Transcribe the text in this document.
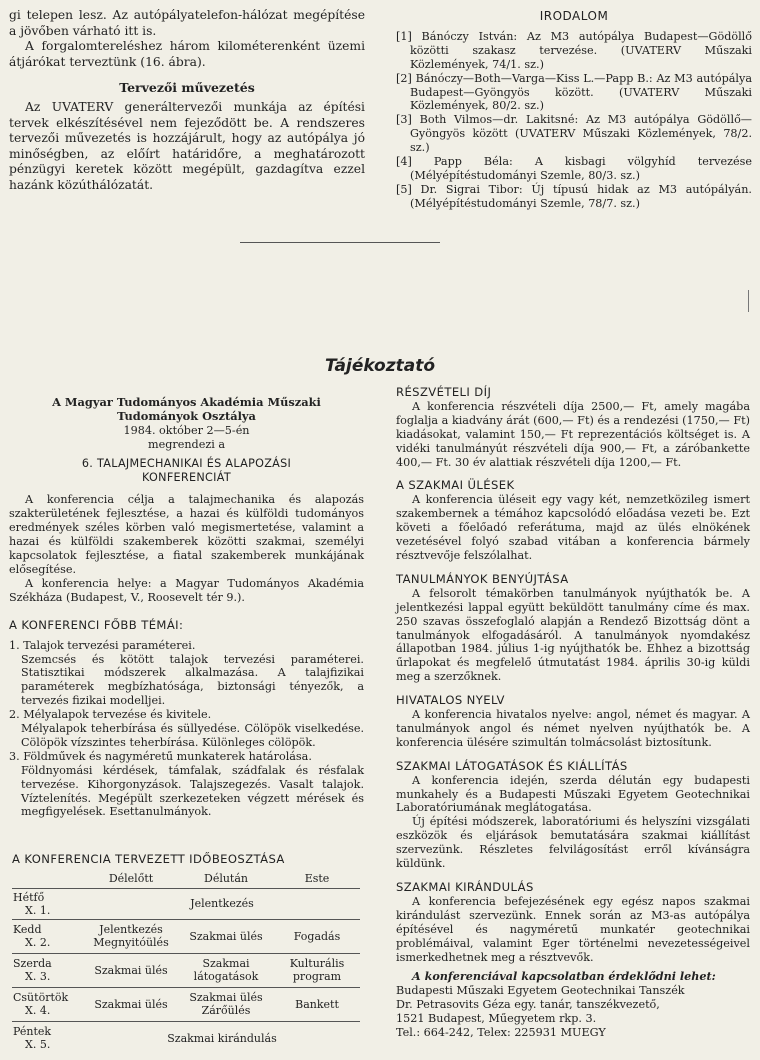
gi telepen lesz. Az autópályatelefon-hálózat megépítése a jövőben várható itt is.

A forgalomtereléshez három kilométerenként üzemi átjárókat terveztünk (16. ábra).

Tervezői művezetés

Az UVATERV generáltervezői munkája az építési tervek elkészítésével nem fejeződött be. A rendszeres tervezői művezetés is hozzájárult, hogy az autópálya jó minőségben, az előírt határidőre, a meghatározott pénzügyi keretek között megépült, gazdagítva ezzel hazánk közúthálózatát.

IRODALOM

[1] Bánóczy István: Az M3 autópálya Budapest—Gödöllő közötti szakasz tervezése. (UVATERV Műszaki Közlemények, 74/1. sz.)

[2] Bánóczy—Both—Varga—Kiss L.—Papp B.: Az M3 autópálya Budapest—Gyöngyös között. (UVATERV Műszaki Közlemények, 80/2. sz.)

[3] Both Vilmos—dr. Lakitsné: Az M3 autópálya Gödöllő—Gyöngyös között (UVATERV Műszaki Közlemények, 78/2. sz.)

[4] Papp Béla: A kisbagi völgyhíd tervezése (Mélyépítéstudományi Szemle, 80/3. sz.)

[5] Dr. Sigrai Tibor: Új típusú hidak az M3 autópályán. (Mélyépítéstudományi Szemle, 78/7. sz.)

Tájékoztató

A Magyar Tudományos Akadémia Műszaki

Tudományok Osztálya

1984. október 2—5-én

megrendezi a

6. TALAJMECHANIKAI ÉS ALAPOZÁSI

KONFERENCIÁT

A konferencia célja a talajmechanika és alapozás szakterületének fejlesztése, a hazai és külföldi tudományos eredmények széles körben való megismertetése, valamint a hazai és külföldi szakemberek közötti szakmai, személyi kapcsolatok fejlesztése, a fiatal szakemberek munkájának elősegítése.

A konferencia helye: a Magyar Tudományos Akadémia Székháza (Budapest, V., Roosevelt tér 9.).

A KONFERENCI FŐBB TÉMÁI:

1. Talajok tervezési paraméterei.

Szemcsés és kötött talajok tervezési paraméterei. Statisztikai módszerek alkalmazása. A talajfizikai paraméterek megbízhatósága, biztonsági tényezők, a tervezés fizikai modelljei.

2. Mélyalapok tervezése és kivitele.

Mélyalapok teherbírása és süllyedése. Cölöpök viselkedése. Cölöpök vízszintes teherbírása. Különleges cölöpök.

3. Földművek és nagyméretű munkaterek határolása.

Földnyomási kérdések, támfalak, szádfalak és résfalak tervezése. Kihorgonyzások. Talajszegezés. Vasalt talajok. Víztelenítés. Megépült szerkezeteken végzett mérések és megfigyelések. Esettanulmányok.

A KONFERENCIA TERVEZETT IDŐBEOSZTÁSA

	Délelőtt	Délután	Este
Hétfő
X. 1.	Jelentkezés		
Kedd
X. 2.	Jelentkezés Megnyitóülés	Szakmai ülés	Fogadás
Szerda
X. 3.	Szakmai ülés	Szakmai látogatások	Kulturális program
Csütörtök
X. 4.	Szakmai ülés	Szakmai ülés Zárőülés	Bankett
Péntek
X. 5.	Szakmai kirándulás		

RÉSZVÉTELI DÍJ

A konferencia részvételi díja 2500,— Ft, amely magába foglalja a kiadvány árát (600,— Ft) és a rendezési (1750,— Ft) kiadásokat, valamint 150,— Ft reprezentációs költséget is. A vidéki tanulmányút részvételi díja 900,— Ft, a záróbankette 400,— Ft. 30 év alattiak részvételi díja 1200,— Ft.

A SZAKMAI ÜLÉSEK

A konferencia üléseit egy vagy két, nemzetközileg ismert szakembernek a témához kapcsolódó előadása vezeti be. Ezt követi a főelőadó referátuma, majd az ülés elnökének vezetésével folyó szabad vitában a konferencia bármely résztvevője felszólalhat.

TANULMÁNYOK BENYÚJTÁSA

A felsorolt témakörben tanulmányok nyújthatók be. A jelentkezési lappal együtt beküldött tanulmány címe és max. 250 szavas összefoglaló alapján a Rendező Bizottság dönt a tanulmányok elfogadásáról. A tanulmányok nyomdakész állapotban 1984. július 1-ig nyújthatók be. Ehhez a bizottság űrlapokat és megfelelő útmutatást 1984. április 30-ig küldi meg a szerzőknek.

HIVATALOS NYELV

A konferencia hivatalos nyelve: angol, német és magyar. A tanulmányok angol és német nyelven nyújthatók be. A konferencia ülésére szimultán tolmácsolást biztosítunk.

SZAKMAI LÁTOGATÁSOK ÉS KIÁLLÍTÁS

A konferencia idején, szerda délután egy budapesti munkahely és a Budapesti Műszaki Egyetem Geotechnikai Laboratóriumának meglátogatása.

Új építési módszerek, laboratóriumi és helyszíni vizsgálati eszközök és eljárások bemutatására szakmai kiállítást szervezünk. Részletes felvilágosítást erről kívánságra küldünk.

SZAKMAI KIRÁNDULÁS

A konferencia befejezésének egy egész napos szakmai kirándulást szervezünk. Ennek során az M3-as autópálya építésével és nagyméretű munkatér geotechnikai problémáival, valamint Eger történelmi nevezetességeivel ismerkedhetnek meg a résztvevők.

A konferenciával kapcsolatban érdeklődni lehet:

Budapesti Műszaki Egyetem Geotechnikai Tanszék

Dr. Petrasovits Géza egy. tanár, tanszékvezető,

1521 Budapest, Műegyetem rkp. 3.

Tel.: 664-242, Telex: 225931 MUEGY
